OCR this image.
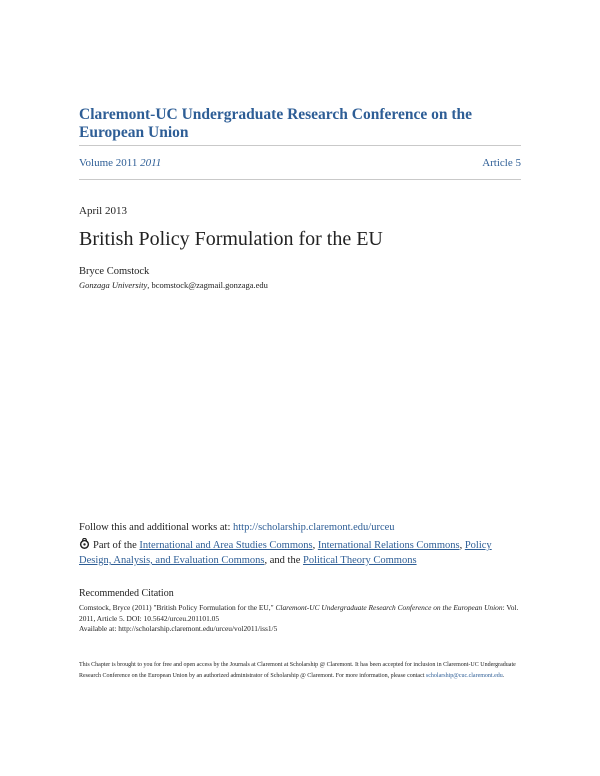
Claremont-UC Undergraduate Research Conference on the European Union
Volume 2011 2011	Article 5
April 2013
British Policy Formulation for the EU
Bryce Comstock
Gonzaga University, bcomstock@zagmail.gonzaga.edu
Follow this and additional works at: http://scholarship.claremont.edu/urceu
Part of the International and Area Studies Commons, International Relations Commons, Policy Design, Analysis, and Evaluation Commons, and the Political Theory Commons
Recommended Citation
Comstock, Bryce (2011) "British Policy Formulation for the EU," Claremont-UC Undergraduate Research Conference on the European Union: Vol. 2011, Article 5. DOI: 10.5642/urceu.201101.05
Available at: http://scholarship.claremont.edu/urceu/vol2011/iss1/5
This Chapter is brought to you for free and open access by the Journals at Claremont at Scholarship @ Claremont. It has been accepted for inclusion in Claremont-UC Undergraduate Research Conference on the European Union by an authorized administrator of Scholarship @ Claremont. For more information, please contact scholarship@cuc.claremont.edu.
